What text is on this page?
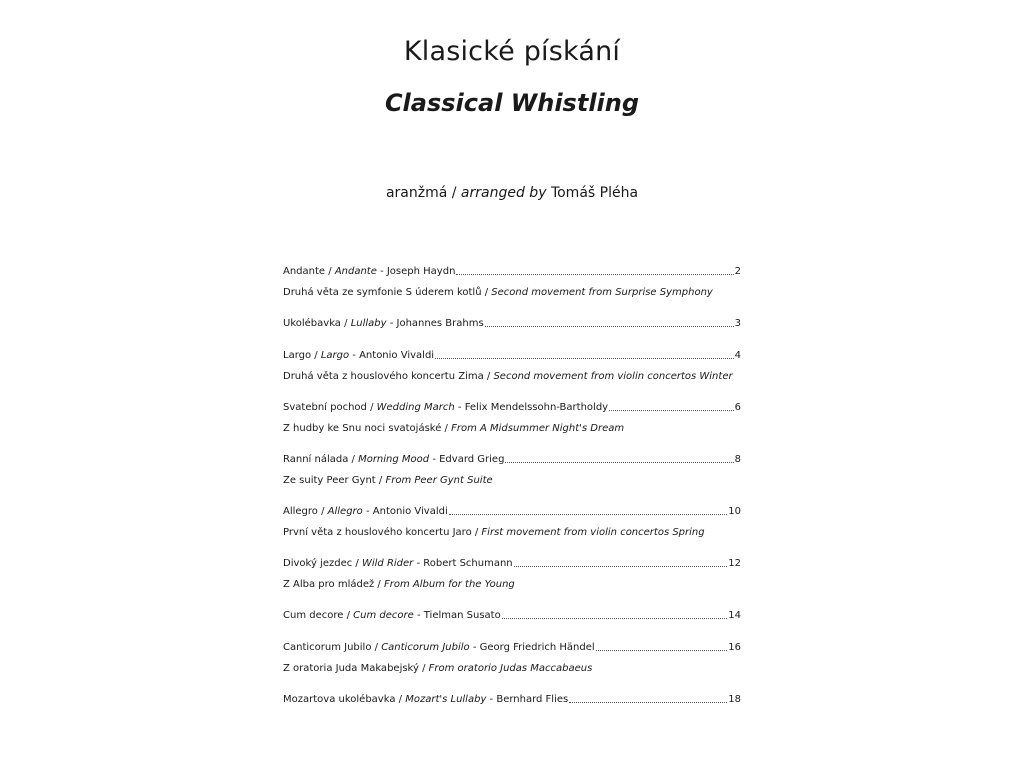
Klasické pískání
Classical Whistling
aranžmá / arranged by Tomáš Pléha
Andante / Andante - Joseph Haydn	2
Druhá věta ze symfonie S úderem kotlů / Second movement from Surprise Symphony
Ukolébavka / Lullaby - Johannes Brahms	3
Largo / Largo - Antonio Vivaldi	4
Druhá věta z houslového koncertu Zima / Second movement from violin concertos Winter
Svatební pochod / Wedding March - Felix Mendelssohn-Bartholdy	6
Z hudby ke Snu noci svatojáské / From A Midsummer Night's Dream
Ranní nálada / Morning Mood - Edvard Grieg	8
Ze suity Peer Gynt / From Peer Gynt Suite
Allegro / Allegro - Antonio Vivaldi	10
První věta z houslového koncertu Jaro / First movement from violin concertos Spring
Divoký jezdec / Wild Rider - Robert Schumann	12
Z Alba pro mládež / From Album for the Young
Cum decore / Cum decore - Tielman Susato	14
Canticorum Jubilo / Canticorum Jubilo - Georg Friedrich Händel	16
Z oratoria Juda Makabejský / From oratorio Judas Maccabaeus
Mozartova ukolébavka / Mozart's Lullaby - Bernhard Flies	18
